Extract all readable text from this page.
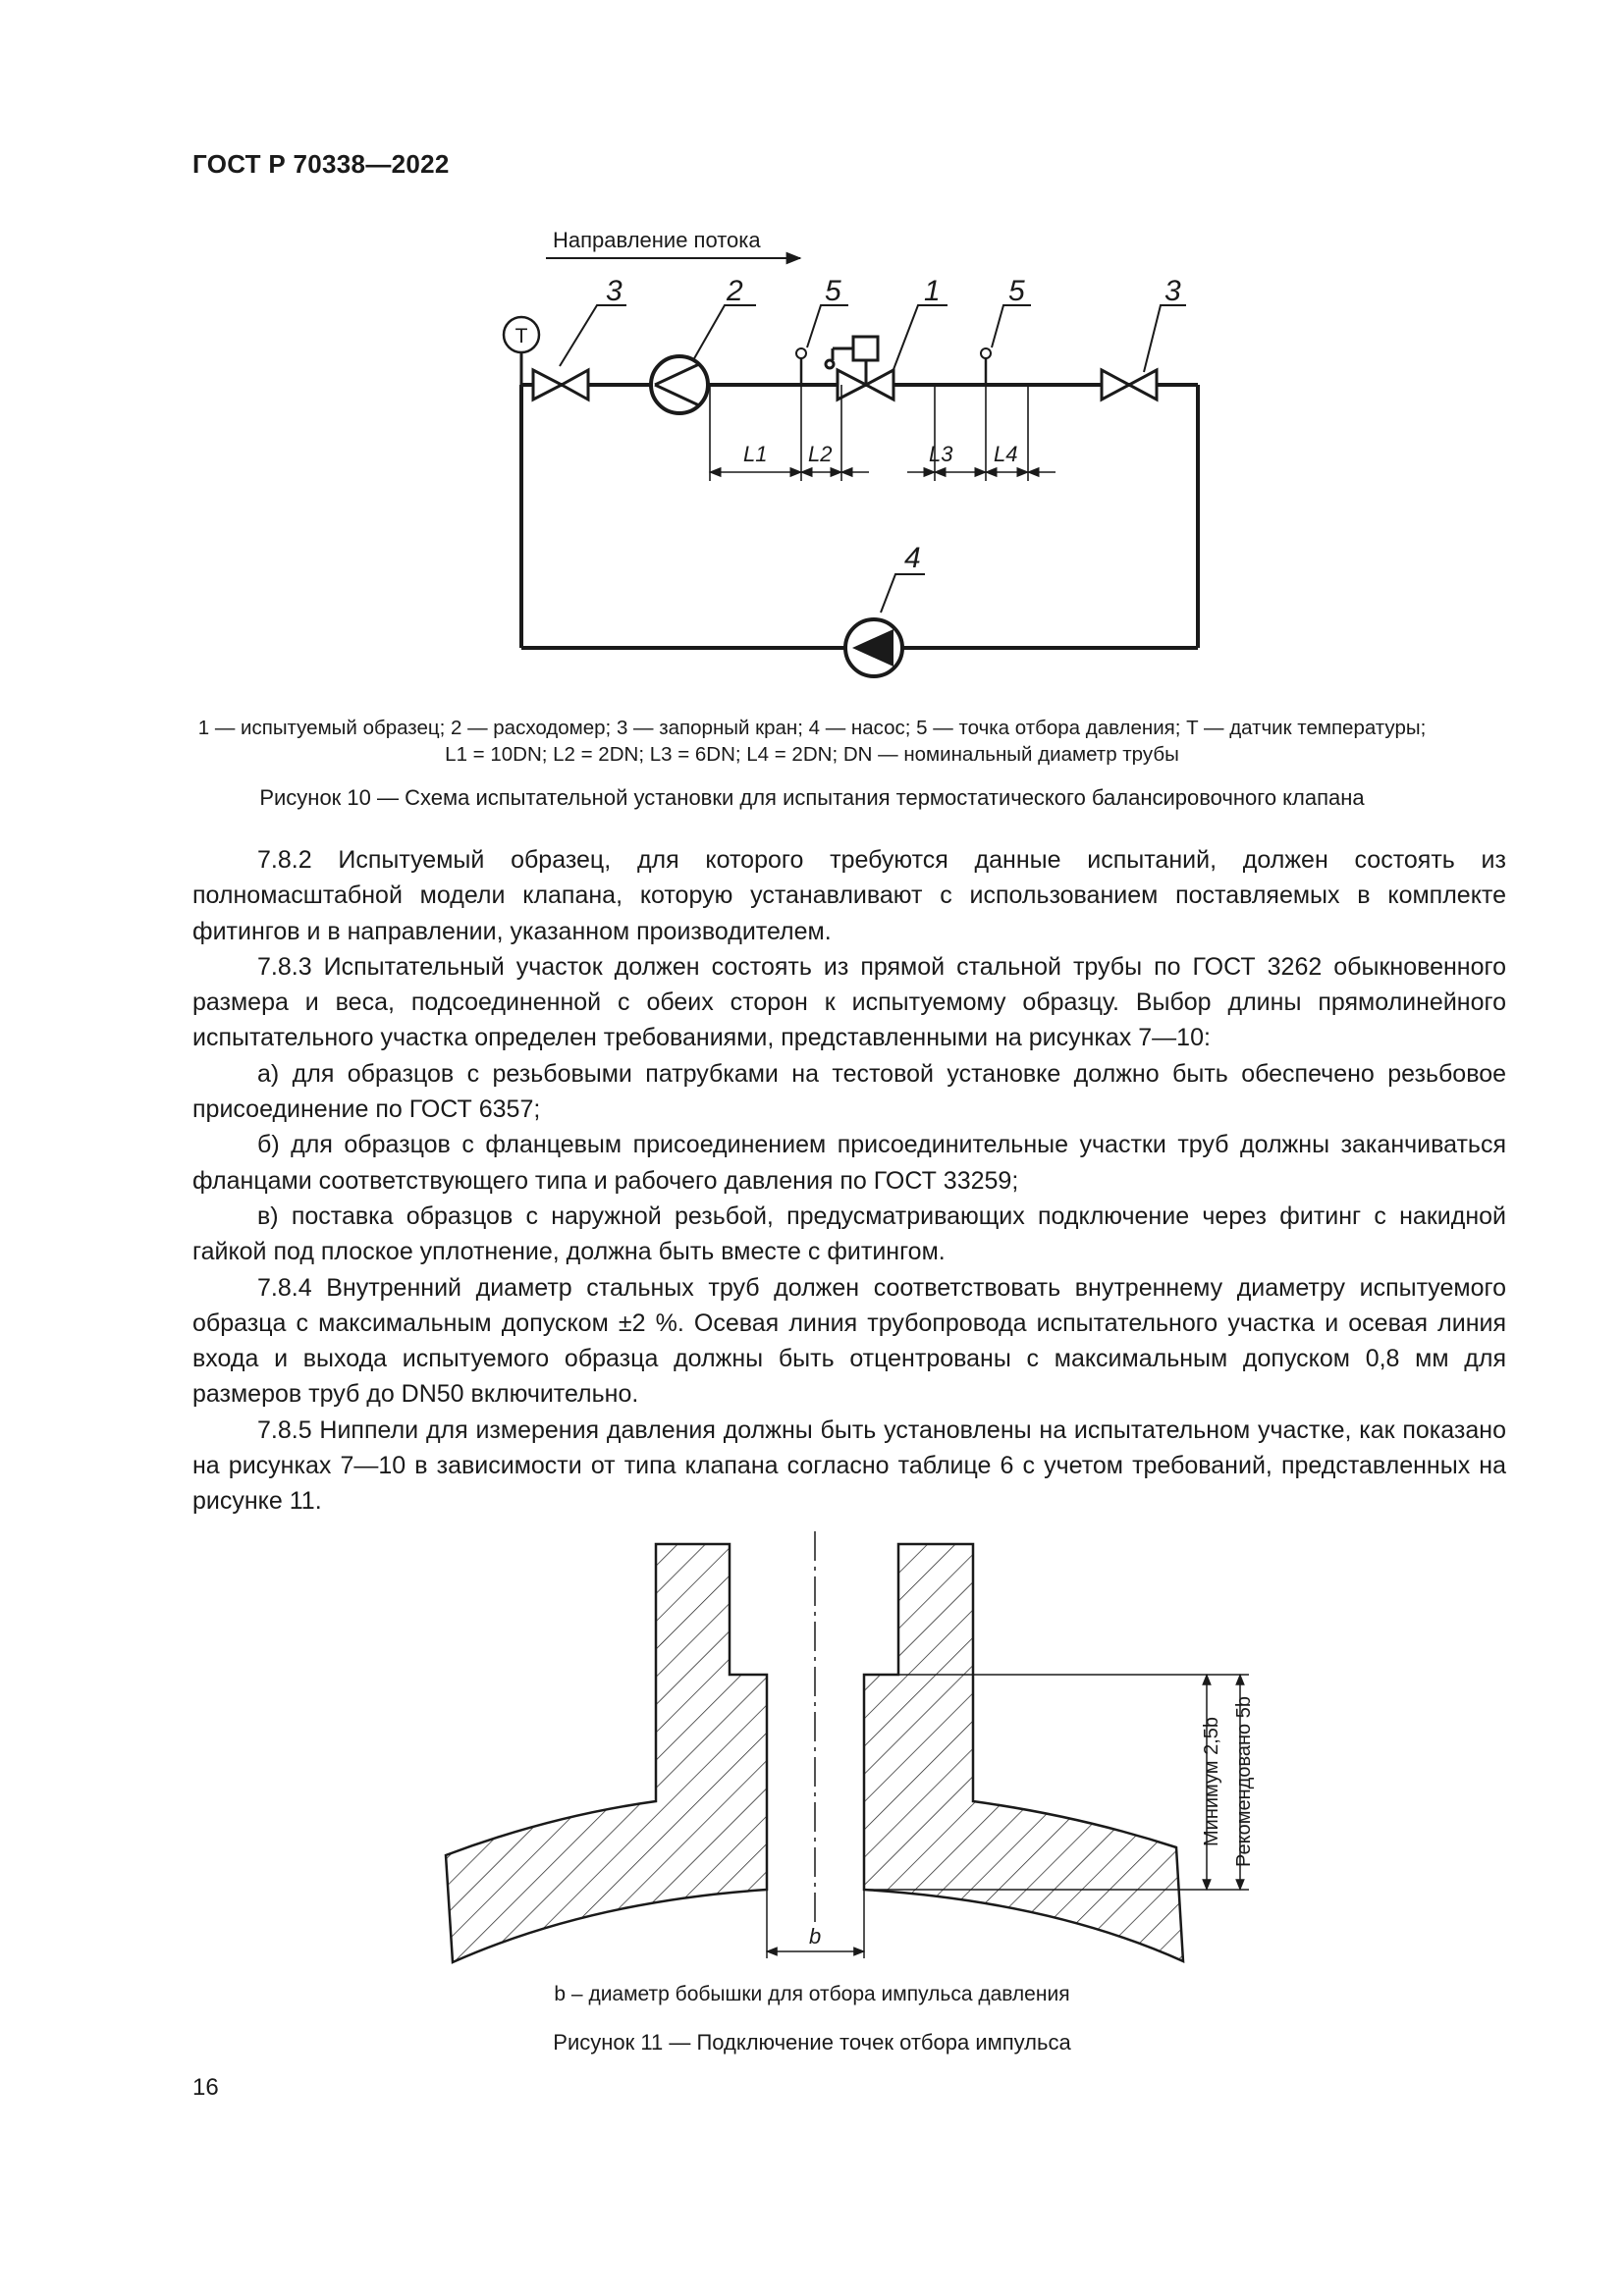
ГОСТ Р 70338—2022
Направление потока
T
3	2	5	1 5	3
4
L1 L2	L3 L4
1 — испытуемый образец; 2 — расходомер; 3 — запорный кран; 4 — насос; 5 — точка отбора давления; T — датчик температуры;
L1 = 10DN; L2 = 2DN; L3 = 6DN; L4 = 2DN; DN — номинальный диаметр трубы
Рисунок 10 — Схема испытательной установки для испытания термостатического балансировочного клапана

7.8.2 Испытуемый образец, для которого требуются данные испытаний, должен состоять из полномасштабной модели клапана, которую устанавливают с использованием поставляемых в комплекте фитингов и в направлении, указанном производителем.

7.8.3 Испытательный участок должен состоять из прямой стальной трубы по ГОСТ 3262 обыкновенного размера и веса, подсоединенной с обеих сторон к испытуемому образцу. Выбор длины прямолинейного испытательного участка определен требованиями, представленными на рисунках 7—10:

а) для образцов с резьбовыми патрубками на тестовой установке должно быть обеспечено резьбовое присоединение по ГОСТ 6357;

б) для образцов с фланцевым присоединением присоединительные участки труб должны заканчиваться фланцами соответствующего типа и рабочего давления по ГОСТ 33259;

в) поставка образцов с наружной резьбой, предусматривающих подключение через фитинг с накидной гайкой под плоское уплотнение, должна быть вместе с фитингом.

7.8.4 Внутренний диаметр стальных труб должен соответствовать внутреннему диаметру испытуемого образца с максимальным допуском ±2 %. Осевая линия трубопровода испытательного участка и осевая линия входа и выхода испытуемого образца должны быть отцентрованы с максимальным допуском 0,8 мм для размеров труб до DN50 включительно.

7.8.5 Ниппели для измерения давления должны быть установлены на испытательном участке, как показано на рисунках 7—10 в зависимости от типа клапана согласно таблице 6 с учетом требований, представленных на рисунке 11.

Минимум 2,5b Рекомендовано 5b
b
b – диаметр бобышки для отбора импульса давления
Рисунок 11 — Подключение точек отбора импульса
16
